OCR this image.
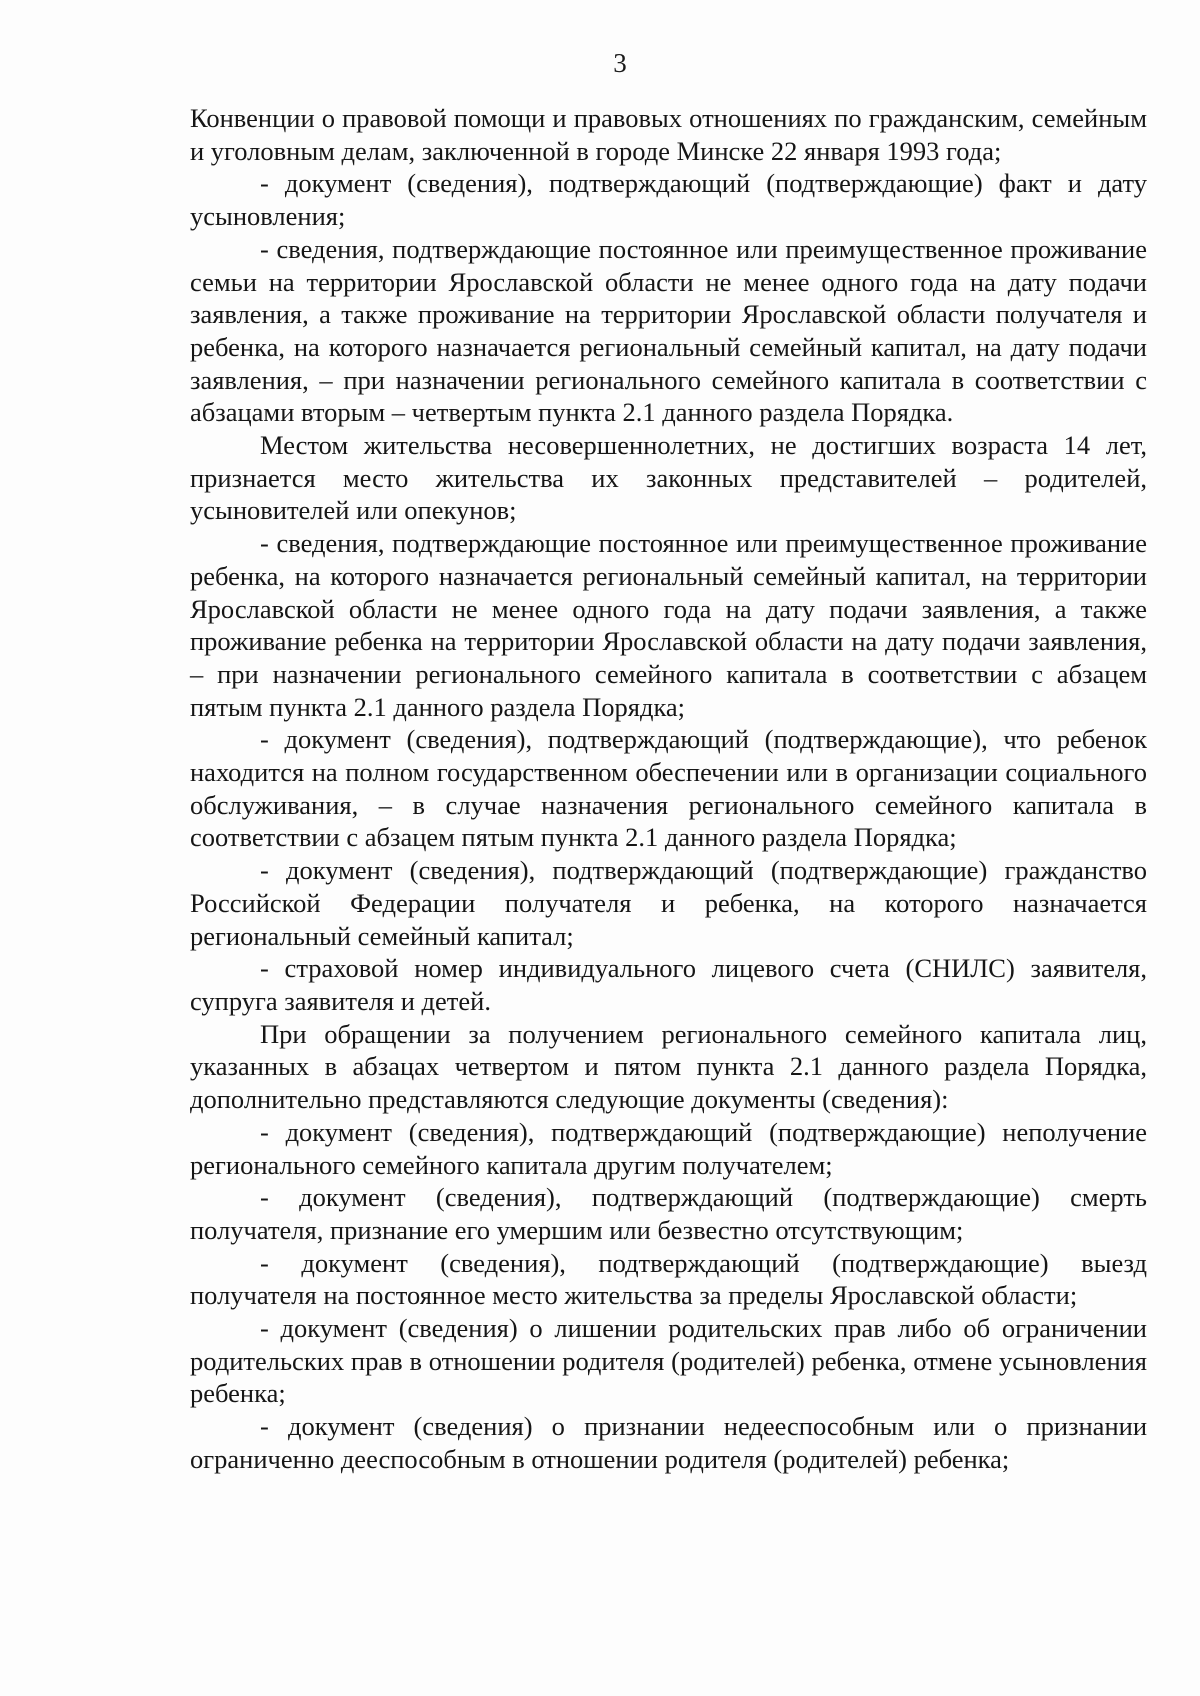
3

Конвенции о правовой помощи и правовых отношениях по гражданским, семейным и уголовным делам, заключенной в городе Минске 22 января 1993 года;

- документ (сведения), подтверждающий (подтверждающие) факт и дату усыновления;

- сведения, подтверждающие постоянное или преимущественное проживание семьи на территории Ярославской области не менее одного года на дату подачи заявления, а также проживание на территории Ярославской области получателя и ребенка, на которого назначается региональный семейный капитал, на дату подачи заявления, – при назначении регионального семейного капитала в соответствии с абзацами вторым – четвертым пункта 2.1 данного раздела Порядка.

Местом жительства несовершеннолетних, не достигших возраста 14 лет, признается место жительства их законных представителей – родителей, усыновителей или опекунов;

- сведения, подтверждающие постоянное или преимущественное проживание ребенка, на которого назначается региональный семейный капитал, на территории Ярославской области не менее одного года на дату подачи заявления, а также проживание ребенка на территории Ярославской области на дату подачи заявления, – при назначении регионального семейного капитала в соответствии с абзацем пятым пункта 2.1 данного раздела Порядка;

- документ (сведения), подтверждающий (подтверждающие), что ребенок находится на полном государственном обеспечении или в организации социального обслуживания, – в случае назначения регионального семейного капитала в соответствии с абзацем пятым пункта 2.1 данного раздела Порядка;

- документ (сведения), подтверждающий (подтверждающие) гражданство Российской Федерации получателя и ребенка, на которого назначается региональный семейный капитал;

- страховой номер индивидуального лицевого счета (СНИЛС) заявителя, супруга заявителя и детей.

При обращении за получением регионального семейного капитала лиц, указанных в абзацах четвертом и пятом пункта 2.1 данного раздела Порядка, дополнительно представляются следующие документы (сведения):

- документ (сведения), подтверждающий (подтверждающие) неполучение регионального семейного капитала другим получателем;

- документ (сведения), подтверждающий (подтверждающие) смерть получателя, признание его умершим или безвестно отсутствующим;

- документ (сведения), подтверждающий (подтверждающие) выезд получателя на постоянное место жительства за пределы Ярославской области;

- документ (сведения) о лишении родительских прав либо об ограничении родительских прав в отношении родителя (родителей) ребенка, отмене усыновления ребенка;

- документ (сведения) о признании недееспособным или о признании ограниченно дееспособным в отношении родителя (родителей) ребенка;
